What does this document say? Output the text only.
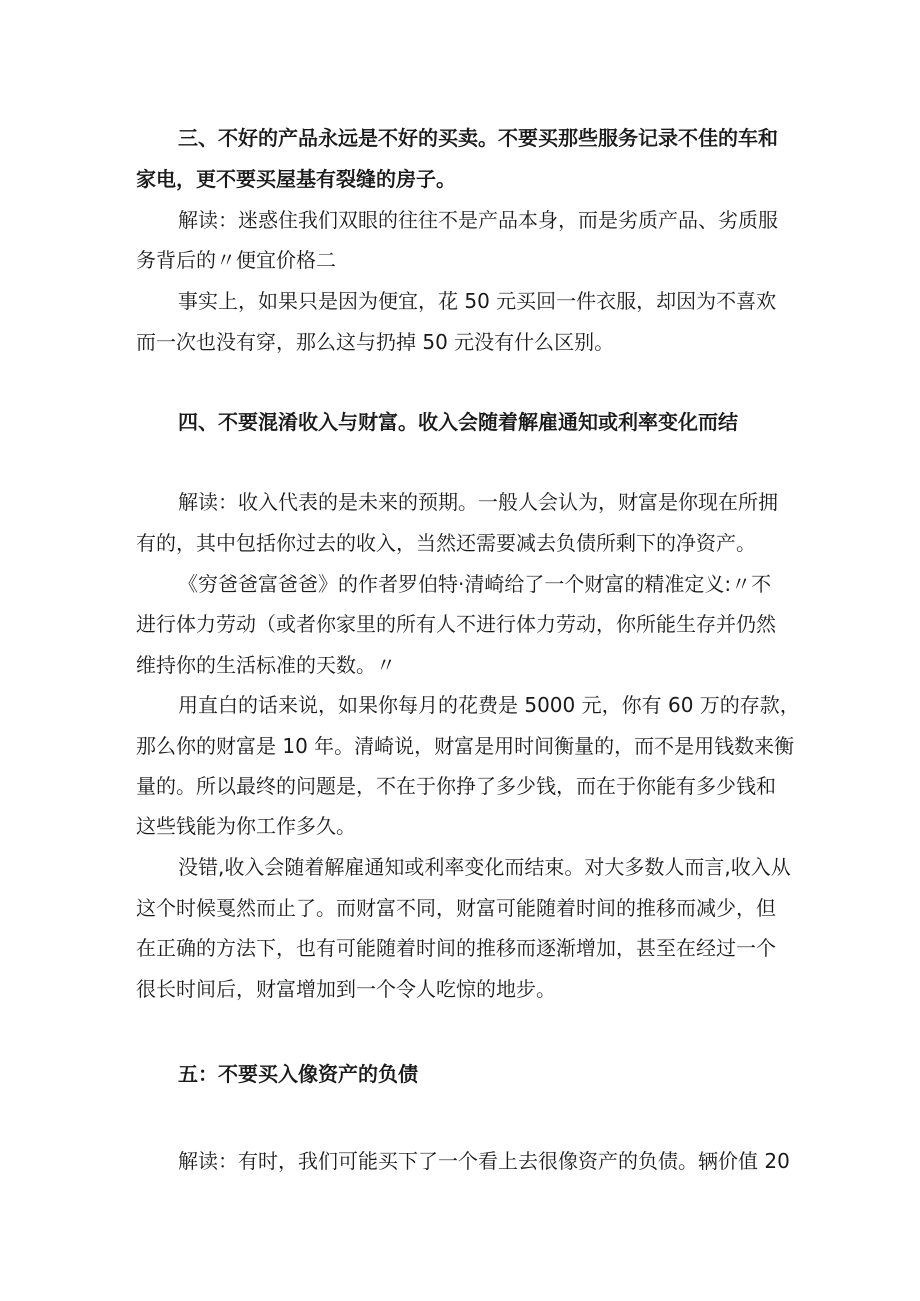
三、不好的产品永远是不好的买卖。不要买那些服务记录不佳的车和
家电，更不要买屋基有裂缝的房子。
解读：迷惑住我们双眼的往往不是产品本身，而是劣质产品、劣质服
务背后的〃便宜价格二
事实上，如果只是因为便宜，花 50 元买回一件衣服，却因为不喜欢
而一次也没有穿，那么这与扔掉 50 元没有什么区别。
四、不要混淆收入与财富。收入会随着解雇通知或利率变化而结
解读：收入代表的是未来的预期。一般人会认为，财富是你现在所拥
有的，其中包括你过去的收入，当然还需要减去负债所剩下的净资产。
《穷爸爸富爸爸》的作者罗伯特·清崎给了一个财富的精准定义:〃不
进行体力劳动（或者你家里的所有人不进行体力劳动，你所能生存并仍然
维持你的生活标准的天数。〃
用直白的话来说，如果你每月的花费是 5000 元，你有 60 万的存款，
那么你的财富是 10 年。清崎说，财富是用时间衡量的，而不是用钱数来衡
量的。所以最终的问题是，不在于你挣了多少钱，而在于你能有多少钱和
这些钱能为你工作多久。
没错,收入会随着解雇通知或利率变化而结束。对大多数人而言,收入从
这个时候戛然而止了。而财富不同，财富可能随着时间的推移而减少，但
在正确的方法下，也有可能随着时间的推移而逐渐增加，甚至在经过一个
很长时间后，财富增加到一个令人吃惊的地步。
五：不要买入像资产的负债
解读：有时，我们可能买下了一个看上去很像资产的负债。辆价值 20
